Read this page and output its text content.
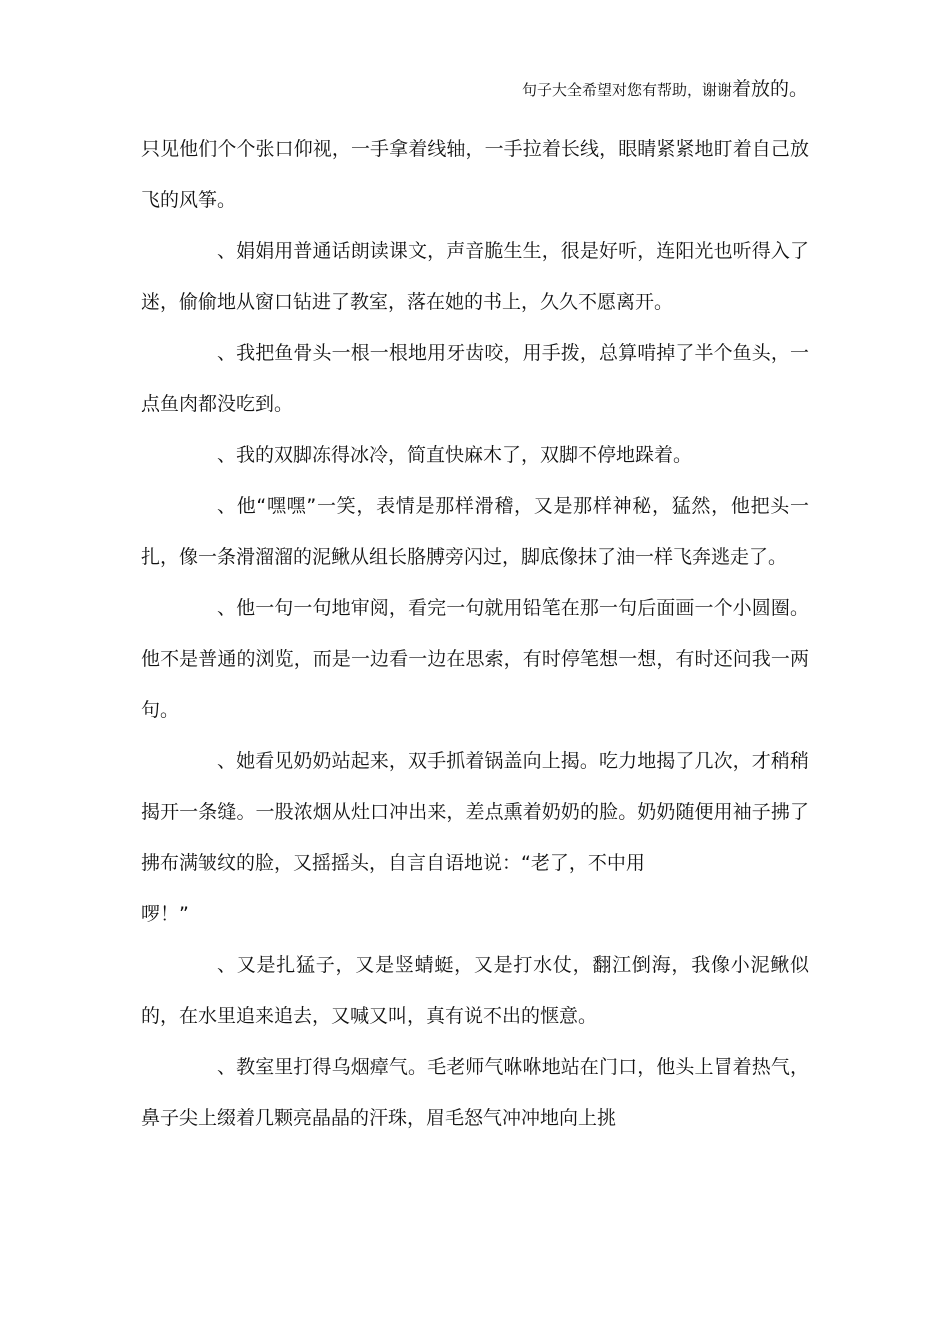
句子大全希望对您有帮助，谢谢着放的。

只见他们个个张口仰视，一手拿着线轴，一手拉着长线，眼睛紧紧地盯着自己放飞的风筝。

、娟娟用普通话朗读课文，声音脆生生，很是好听，连阳光也听得入了迷，偷偷地从窗口钻进了教室，落在她的书上，久久不愿离开。

、我把鱼骨头一根一根地用牙齿咬，用手拨，总算啃掉了半个鱼头，一点鱼肉都没吃到。

、我的双脚冻得冰冷，简直快麻木了，双脚不停地跺着。

、他“嘿嘿”一笑，表情是那样滑稽，又是那样神秘，猛然，他把头一扎，像一条滑溜溜的泥鳅从组长胳膊旁闪过，脚底像抹了油一样飞奔逃走了。

、他一句一句地审阅，看完一句就用铅笔在那一句后面画一个小圆圈。他不是普通的浏览，而是一边看一边在思索，有时停笔想一想，有时还问我一两句。

、她看见奶奶站起来，双手抓着锅盖向上揭。吃力地揭了几次，才稍稍揭开一条缝。一股浓烟从灶口冲出来，差点熏着奶奶的脸。奶奶随便用袖子拂了拂布满皱纹的脸，又摇摇头，自言自语地说：“老了，不中用

啰！”

、又是扎猛子，又是竖蜻蜓，又是打水仗，翻江倒海，我像小泥鳅似的，在水里追来追去，又喊又叫，真有说不出的惬意。

、教室里打得乌烟瘴气。毛老师气咻咻地站在门口，他头上冒着热气，鼻子尖上缀着几颗亮晶晶的汗珠，眉毛怒气冲冲地向上挑
